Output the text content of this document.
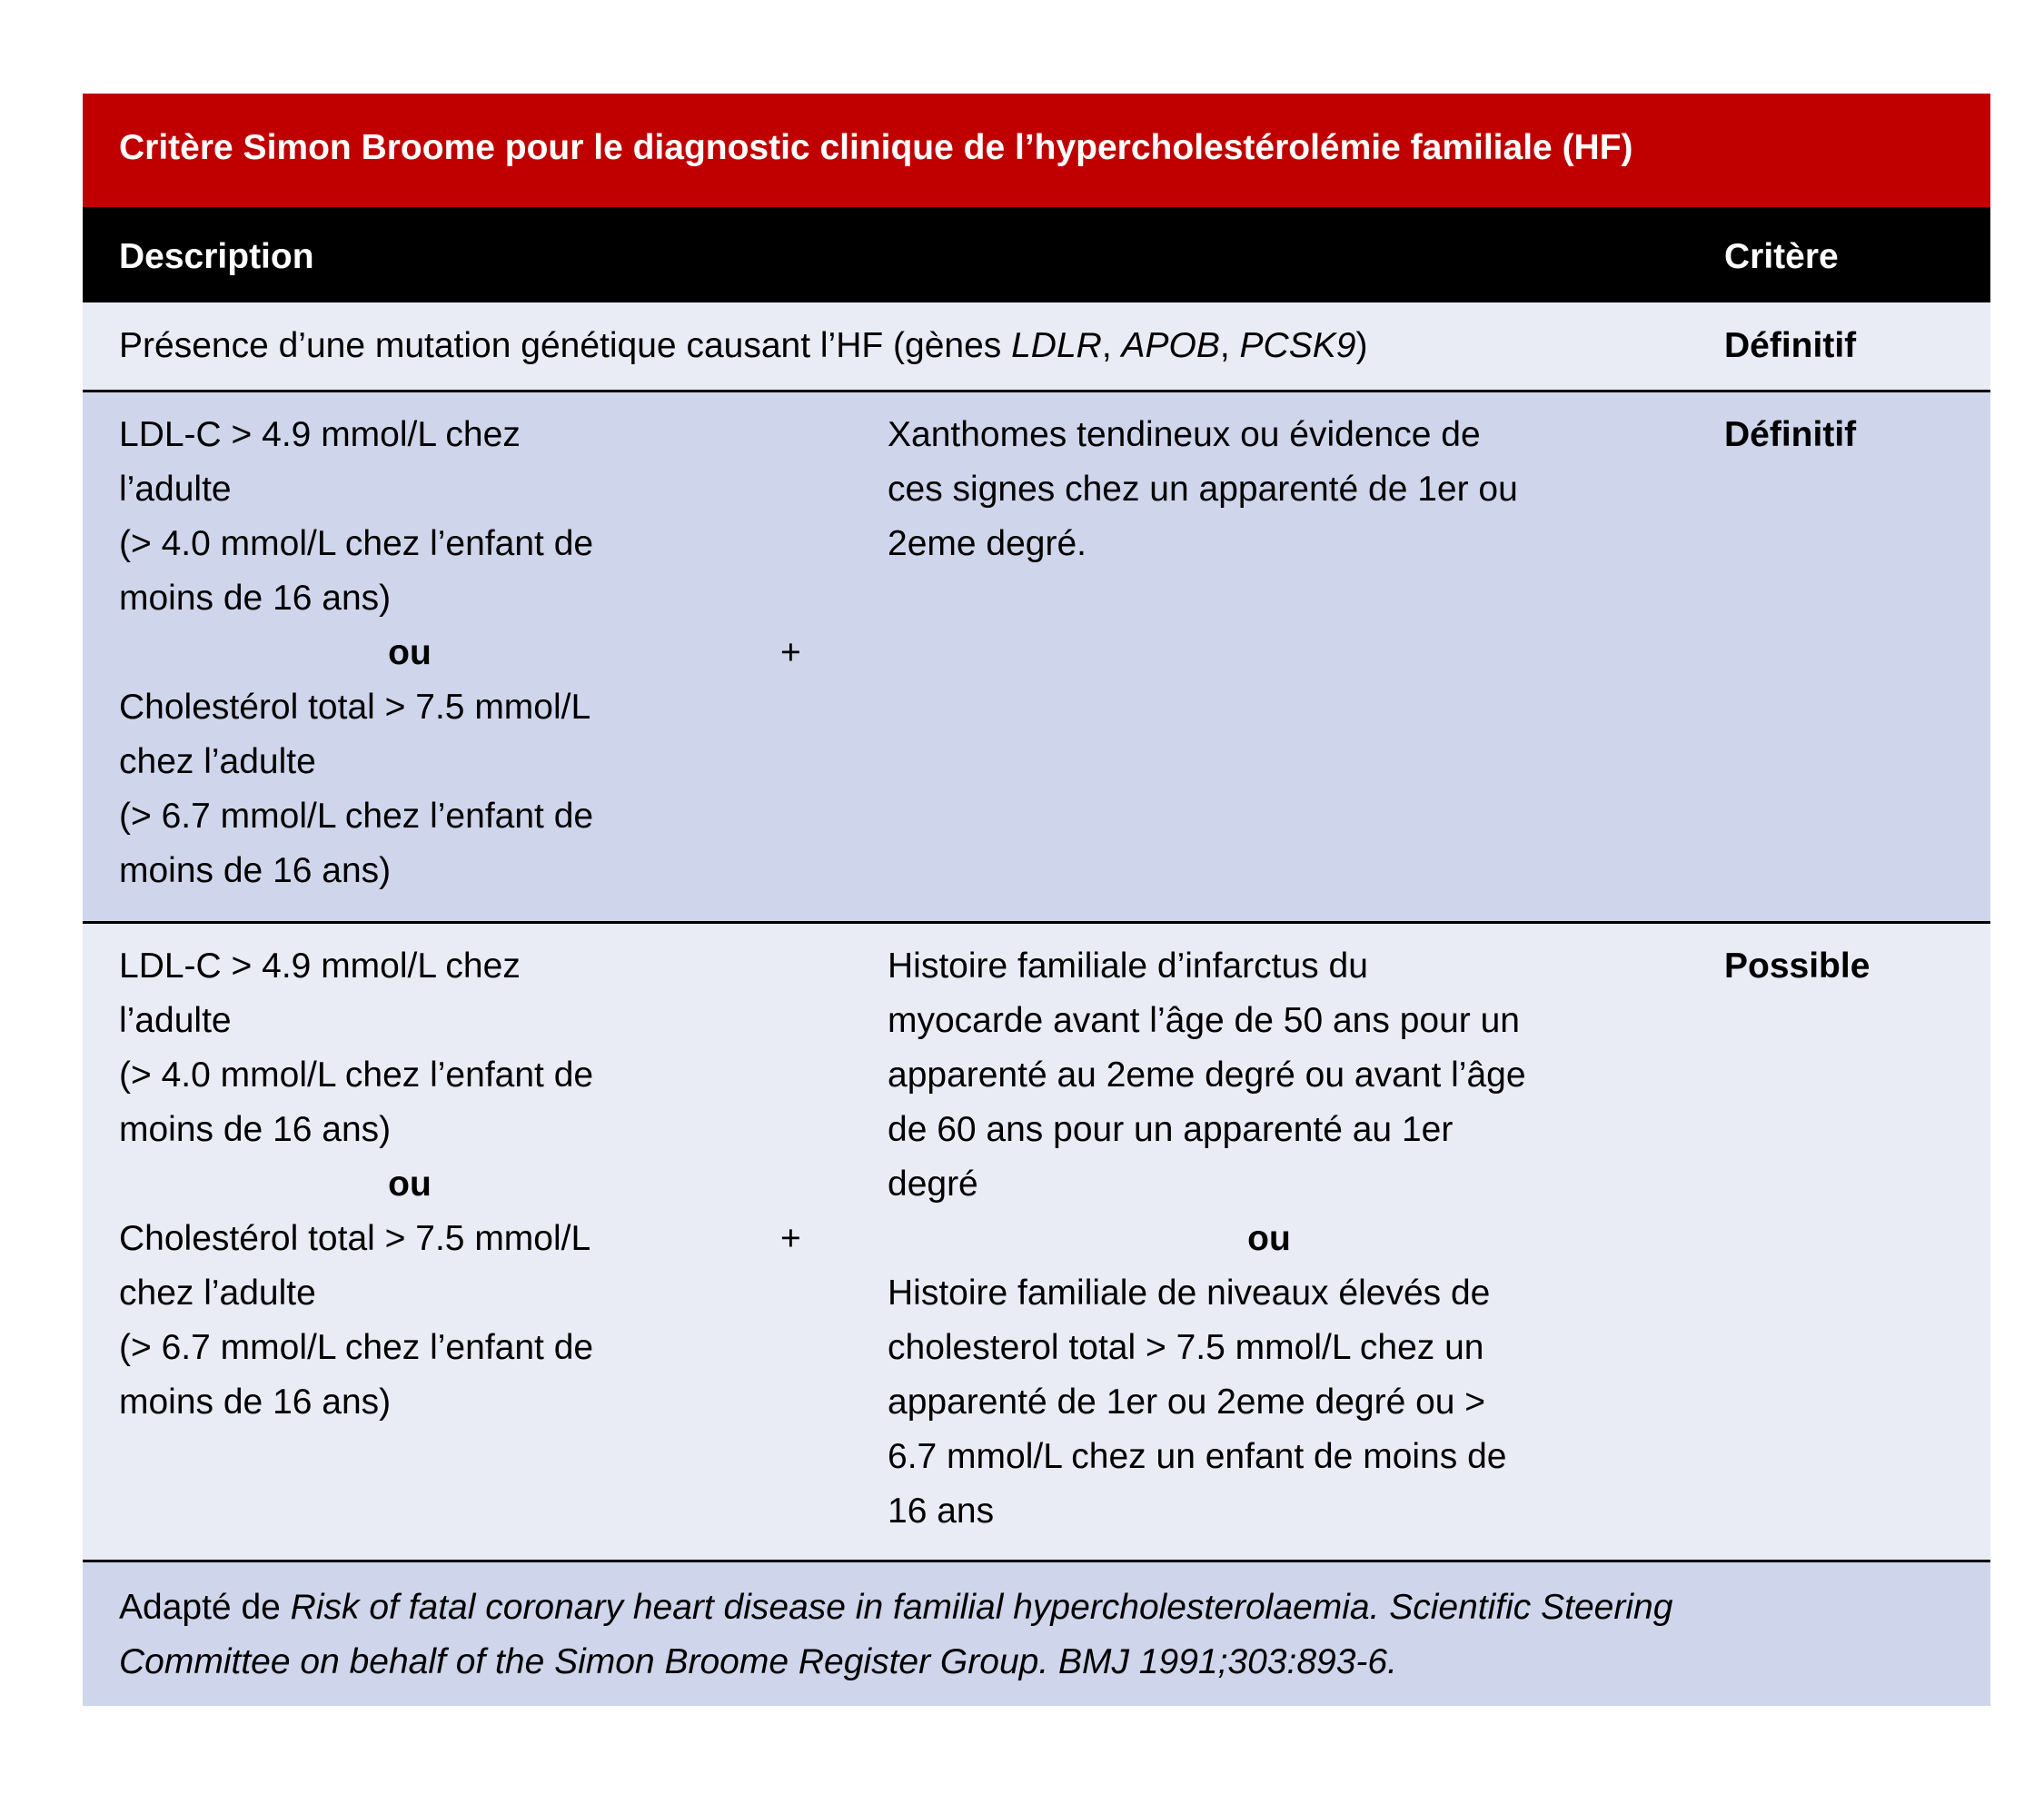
Critère Simon Broome pour le diagnostic clinique de l’hypercholestérolémie familiale (HF)
Description	Critère
Présence d’une mutation génétique causant l’HF (gènes LDLR, APOB, PCSK9)	Définitif
LDL-C > 4.9 mmol/L chez
l’adulte
(> 4.0 mmol/L chez l’enfant de
moins de 16 ans)
ou
Cholestérol total > 7.5 mmol/L
chez l’adulte
(> 6.7 mmol/L chez l’enfant de
moins de 16 ans)
+
Xanthomes tendineux ou évidence de
ces signes chez un apparenté de 1er ou
2eme degré.
Définitif
LDL-C > 4.9 mmol/L chez
l’adulte
(> 4.0 mmol/L chez l’enfant de
moins de 16 ans)
ou
Cholestérol total > 7.5 mmol/L
chez l’adulte
(> 6.7 mmol/L chez l’enfant de
moins de 16 ans)
+
Histoire familiale d’infarctus du
myocarde avant l’âge de 50 ans pour un
apparenté au 2eme degré ou avant l’âge
de 60 ans pour un apparenté au 1er
degré
ou
Histoire familiale de niveaux élevés de
cholesterol total > 7.5 mmol/L chez un
apparenté de 1er ou 2eme degré ou >
6.7 mmol/L chez un enfant de moins de
16 ans
Possible
Adapté de Risk of fatal coronary heart disease in familial hypercholesterolaemia. Scientific Steering
Committee on behalf of the Simon Broome Register Group. BMJ 1991;303:893-6.
